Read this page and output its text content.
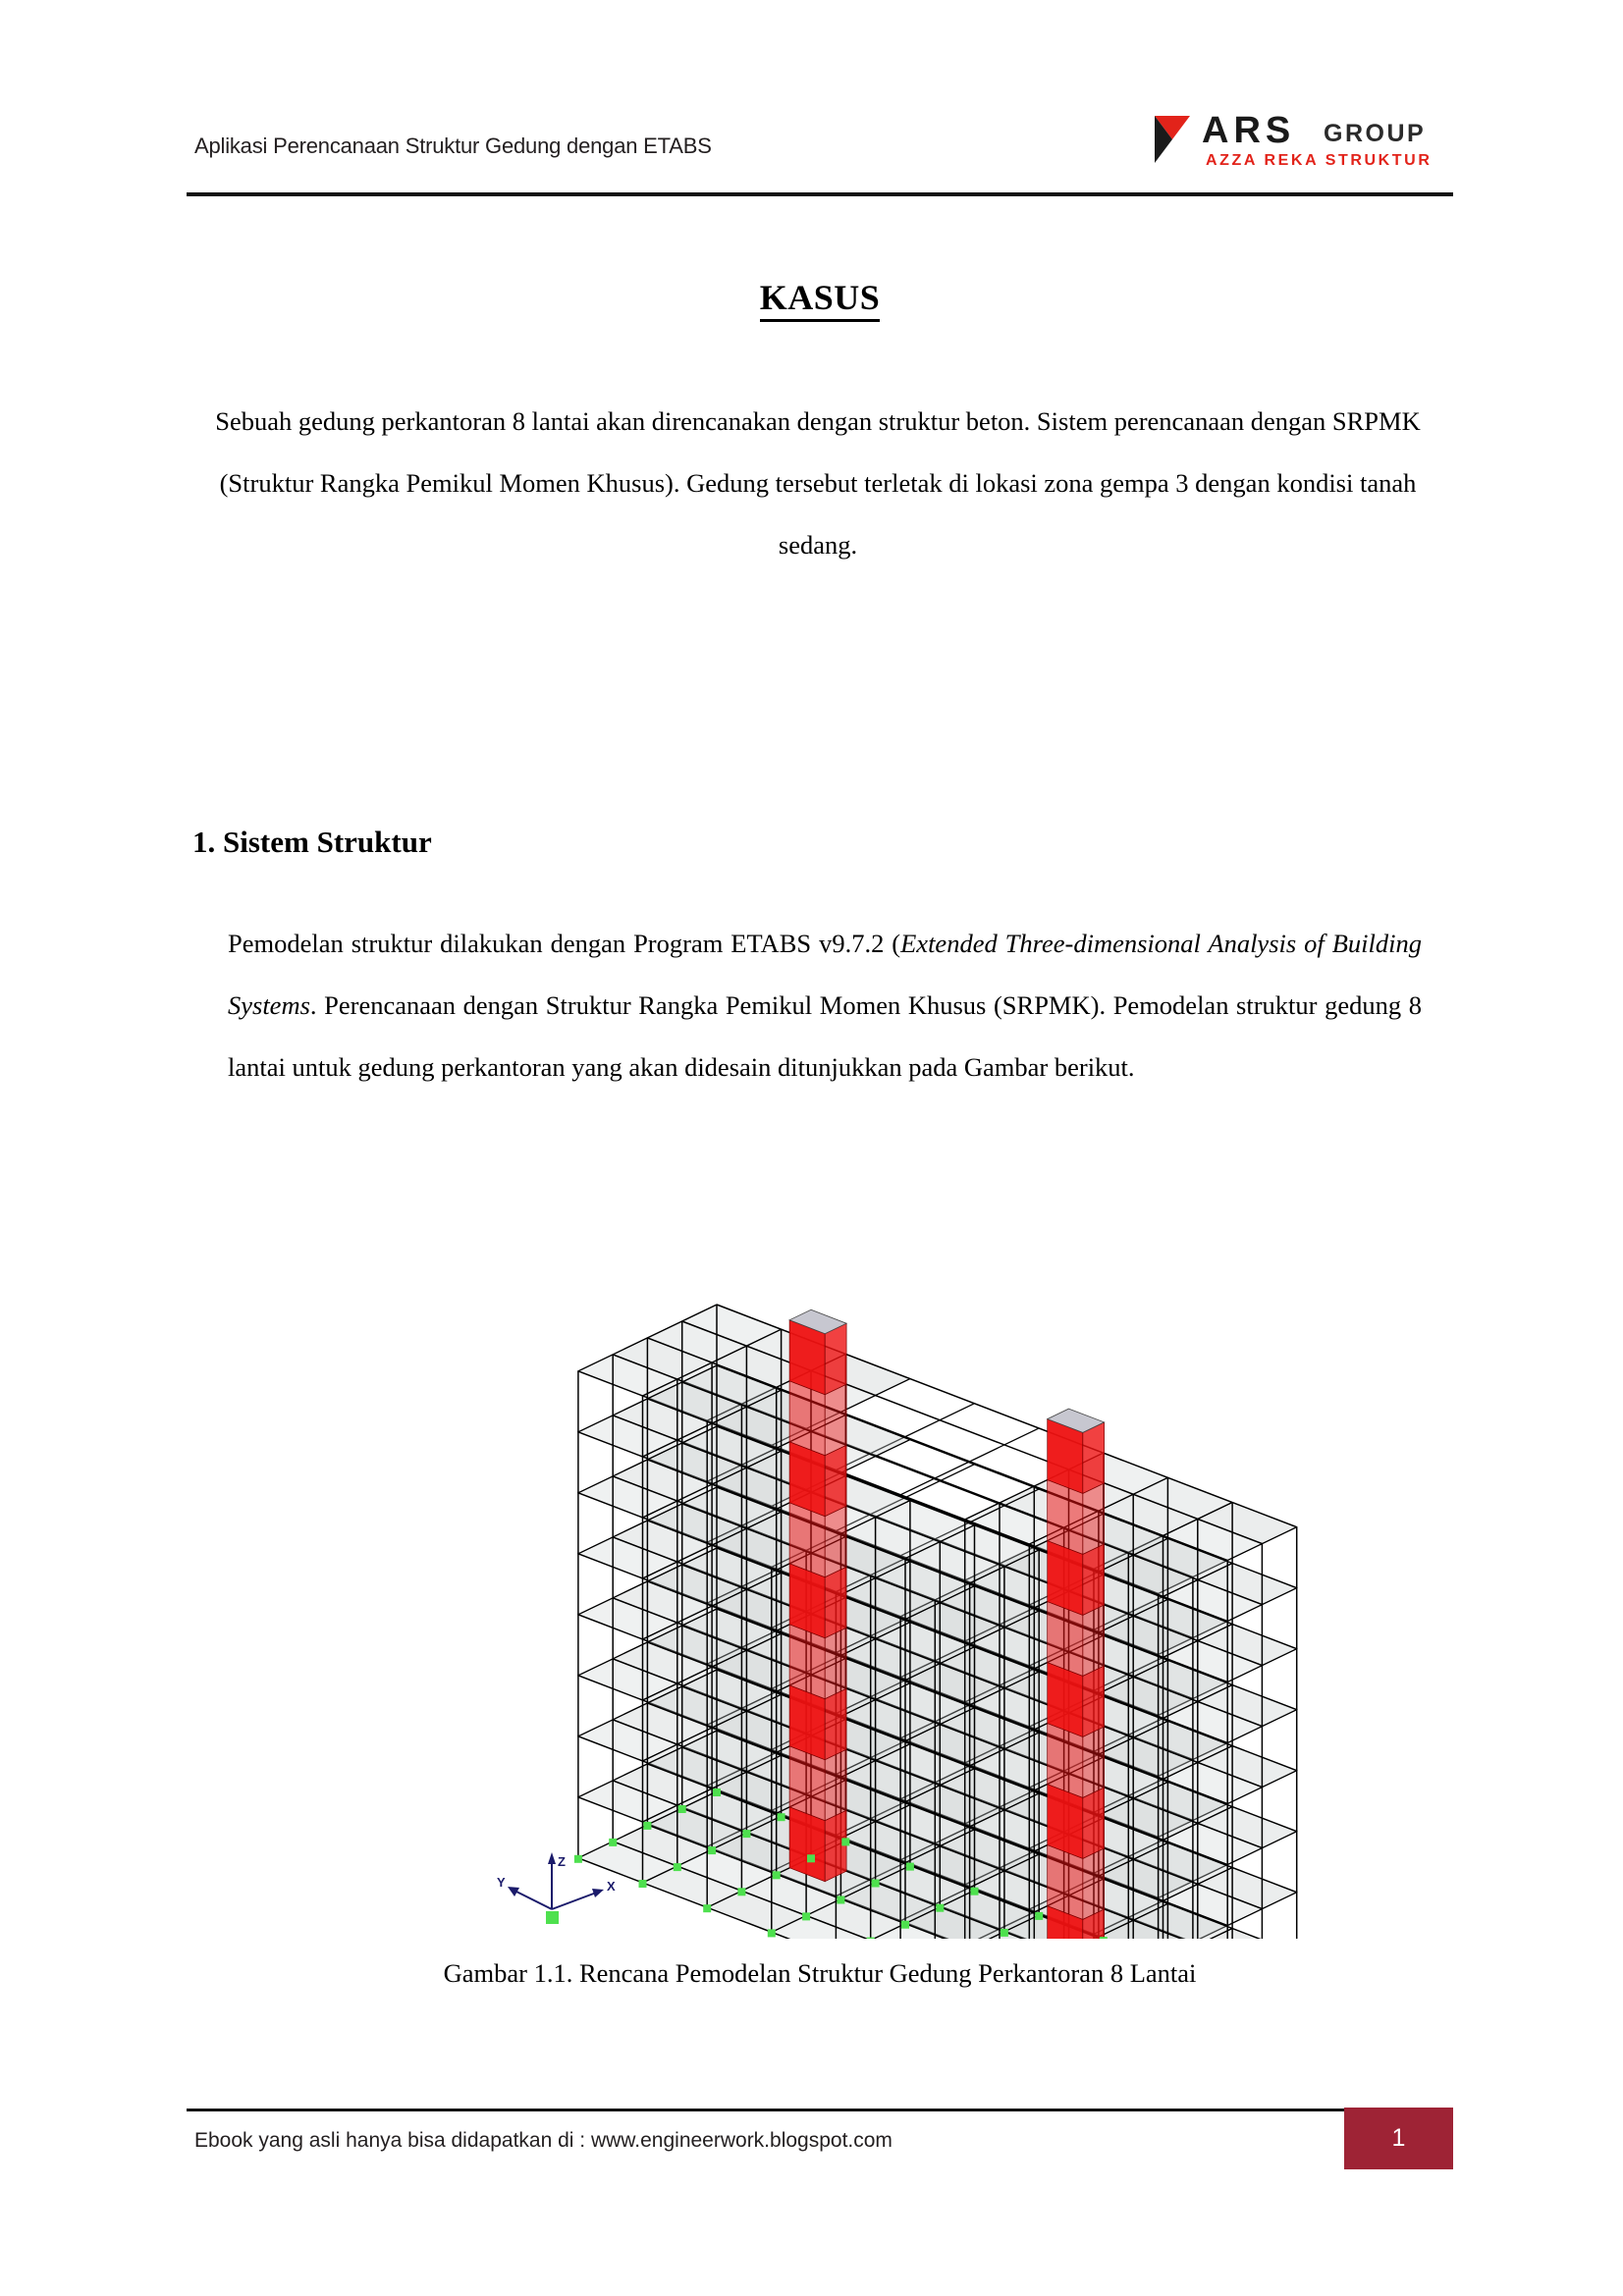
Aplikasi Perencanaan Struktur Gedung dengan ETABS	ARS GROUP
AZZA REKA STRUKTUR
KASUS
Sebuah gedung perkantoran 8 lantai akan direncanakan dengan struktur beton. Sistem perencanaan dengan SRPMK (Struktur Rangka Pemikul Momen Khusus). Gedung tersebut terletak di lokasi zona gempa 3 dengan kondisi tanah sedang.
1. Sistem Struktur
Pemodelan struktur dilakukan dengan Program ETABS v9.7.2 (Extended Three-dimensional Analysis of Building Systems. Perencanaan dengan Struktur Rangka Pemikul Momen Khusus (SRPMK). Pemodelan struktur gedung 8 lantai untuk gedung perkantoran yang akan didesain ditunjukkan pada Gambar berikut.
Z
X
Y
Gambar 1.1. Rencana Pemodelan Struktur Gedung Perkantoran 8 Lantai
Ebook yang asli hanya bisa didapatkan di : www.engineerwork.blogspot.com	1
